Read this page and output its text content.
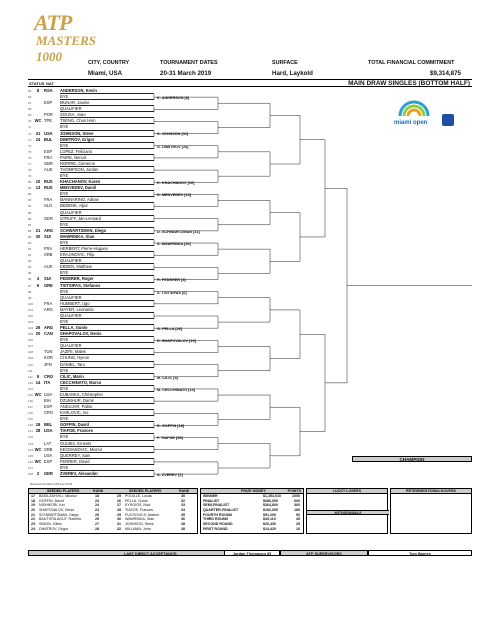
ATP
MASTERS 1000	CITY, COUNTRY	TOURNAMENT DATES	SURFACE	TOTAL FINANCIAL COMMITMENT
Miami, USA	20-31 March 2019	Hard, Laykold	$9,314,875
STATUS NAT	MAIN DRAW SINGLES (BOTTOM HALF)
65	8	RSA	ANDERSON, Kevin
66	BYE
67	ESP	MUNAR, Jaume
68	QUALIFIER
69	POR	SOUSA, Joao
70 WC TPE	TSENG, Chun Hsin
71	BYE
72	31 USA	JOHNSON, Steve
73	24 BUL	DIMITROV, Grigor
74	BYE
75	ESP	LOPEZ, Feliciano
76	FRA	PAIRE, Benoit
77	GBR	NORRIE, Cameron
78	AUS	THOMPSON, Jordan
79	BYE
80	10 RUS	KHACHANOV, Karen
81	13 RUS	MEDVEDEV, Daniil
82	BYE
83	FRA	MANNARINO, Adrian
84	SLO	BEDENE, Aljaz
85	QUALIFIER
86	GER	STRUFF, Jan-Lennard
87	BYE
88	21 ARG	SCHWARTZMAN, Diego
89	30 SUI	WAWRINKA, Stan
90	BYE
91	FRA	HERBERT, Pierre-Hugues
92	SRB	KRAJINOVIC, Filip
93	QUALIFIER
94	AUS	EBDEN, Matthew
95	BYE
96	4	SUI	FEDERER, Roger
97	6	GRE	TSITSIPAS, Stefanos
98	BYE
99	QUALIFIER
100	FRA	HUMBERT, Ugo
101	ARG	MAYER, Leonardo
102	QUALIFIER
103	BYE
104 26 ARG	PELLA, Guido
105 20 CAN	SHAPOVALOV, Denis
106	BYE
107	QUALIFIER
108	TUN	JAZIRI, Malek
109	KOR	CHUNG, Hyeon
110	JPN	DANIEL, Taro
111	BYE
112 9	CRO	CILIC, Marin
113 14 ITA	CECCHINATO, Marco
114	BYE
115 WC USA	EUBANKS, Christopher
116	BIH	DZUMHUR, Damir
117	ESP	ANDUJAR, Pablo
118	CRO	KARLOVIC, Ivo
119	BYE
120 18 BEL	GOFFIN, David
121 28 USA	TIAFOE, Frances
122	BYE
123	LAT	GULBIS, Ernests
124 WC SRB	KECMANOVIC, Miomir
125	USA	QUERREY, Sam
126 WC ESP	FERRER, David
127	BYE
128 2	GER	ZVEREV, Alexander
K. ANDERSON [8]
S. JOHNSON [31]
G. DIMITROV [24]
K. KHACHANOV [10]
D. MEDVEDEV [13]
D. SCHWARTZMAN [21]
S. WAWRINKA [30]
R. FEDERER [4]
S. TSITSIPAS [6]
G. PELLA [26]
D. SHAPOVALOV [20]
M. CILIC [9]
M. CECCHINATO [14]
D. GOFFIN [18]
F. TIAFOE [28]
A. ZVEREV [2]
miami open
CHAMPION
Released 20 March 2019 at 00:00
SEEDED PLAYERS	RANK	SEEDED PLAYERS	RANK
17 BASILASHVILI, Nikoloz	18	25 POUILLE, Lucas	30
18 GOFFIN, David	23	26 PELLA, Guido	32
19 NISHIKORI, Kei	24	27 KYRGIOS, Nick	33
20 SHAPOVALOV, Denis	24	28 TIAFOE, Frances	34
21 SCHWARTZMAN, Diego	25	29 FUCSOVICS, Marton	35
22 BAUTISTA AGUT, Roberto	25	30 WAWRINKA, Stan	36
23 SIMON, Gilles	27	31 JOHNSON, Steve	38
24 DIMITROV, Grigor	28	32 MILLMAN, John	38
PRIZE MONEY	POINTS
WINNER	$1,354,010	1000
FINALIST	$686,000	600
SEMI-FINALIST	$364,800	360
QUARTER-FINALIST	$182,000	180
FOURTH ROUND	$91,200	90
THIRD ROUND	$49,110	45
SECOND ROUND	$26,430	25
FIRST ROUND	$14,420	10
LUCKY LOSERS
WITHDRAWALS
RETIREMENTS/WALKOVERS
LAST DIRECT ACCEPTANCE:	Jordan Thompson 85	ATP SUPERVISORS	Tom Barnes
